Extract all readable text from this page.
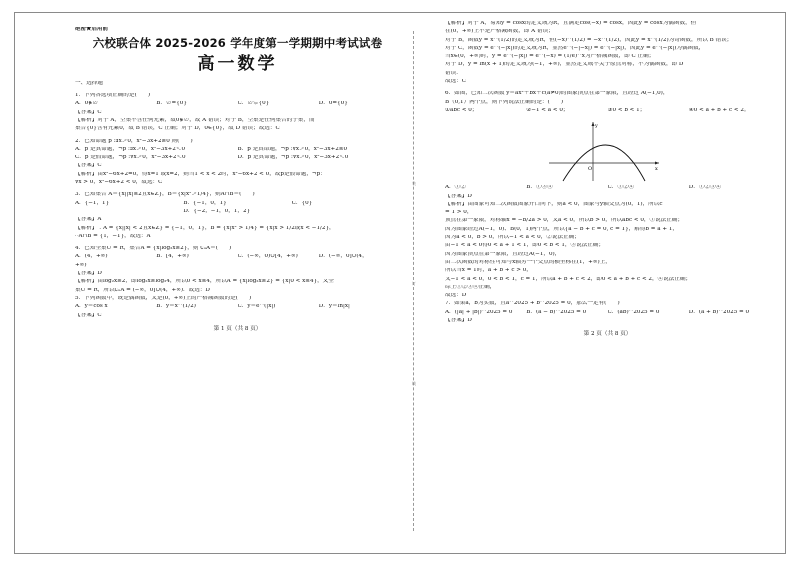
绝密★启用前
六校联合体 2025-2026 学年度第一学期期中考试试卷
高一数学
一、选择题
1．下列各选项正确的是(　　)
A．0∉∅	B．∅={0}	C．∅⊊{0}	D．0={0}
【答案】C
【解析】对于 A，空集不含任何元素，故0∉∅，故 A 错误；对于 B，空集是任何集合的子集，而
集合{0}含有元素0，故 B 错误，C 正确；对于 D，0∈{0}，故 D 错误；故选：C
2．已知命题 p :∃x＞0，x²−3x+2≥0 则(　　)
A．p 是真命题，¬p :∃x＞0，x²−3x+2＜0	B．p 是真命题，¬p :∀x＞0，x²−3x+2≤0
C．p 是假命题，¬p :∀x＞0，x²−3x+2＜0	D．p 是真命题，¬p :∀x＞0，x²−3x+2＜0
【答案】C
【解析】由x²−6x+2=0，得x=1 或x=2，则当1 < x < 2时，x²−6x+2 < 0，故p是假命题，¬p：
∀x > 0，x²−6x+2 < 0，故选：C
3．已知集合 A＝{x||x|≤2且x∈Z}，B＝{x|x²＞1/4}，则A∩B＝(　　)
A．{−1，1}	B．{−1，0，1}	C．{0}
D．{−2，−1，0，1，2}
【答案】A
【解析】∵A = {x||x| < 2且x∈Z} = {−1，0，1}，B = {x|x² > 1/4} = {x|x > 1/2或x < −1/2}，
∴A∩B = {1，−1}，故选：A
4．已知全集U = R，集合A = {x|log₂x≥2}，则 ∁ᵤA＝(　　)
A．(4，+∞)	B．[4，+∞)	C．(−∞，0)∪[4，+∞)	D．(−∞，0]∪(4，
+∞)
【答案】D
【解析】由log₂x≥2，即log₂x≥log₂4，所以0 < x≤4，所以A = {x|log₂x≥2} = {x|0 < x≤4}，又全
集U = R，所以∁ᵤA = (−∞，0]∪(4，+∞)．故选：D
5．下列函数中，既是偶函数，又是(0，+∞)上的严格减函数的是(　　)
A．y＝cos x	B．y＝x^(1/2)	C．y＝e^(|x|)	D．y＝ln|x|
【答案】C
第 1 页（共 8 页）
装
订
线
【解析】对于 A，易知y = cosx的定义域为R，且满足cos(−x) = cosx，因此y = cosx为偶函数，但
在(0，+∞)上不是严格减函数，即 A 错误；
对于 B，函数y = x^(1/2)的定义域为R，但(−x)^(1/2) = −x^(1/2)，因此y = x^(1/2)为奇函数，所以 B 错误；
对于 C，函数y = e^(−|x|)的定义域为R，显然e^(−|−x|) = e^(−|x|)，因此y = e^(−|x|)为偶函数，
当x∈(0，+∞)时，y = e^(−|x|) = e^(−x) = (1/e)^x为严格减函数，即 C 正确；
对于 D，y = ln(x + 1)的定义域为(−1，+∞)，显然定义域不关于原点对称，不为偶函数，即 D
错误．
故选：C
6．如图，已知二次函数 y＝ax²＋bx＋c(a≠0)的图象顶点在第一象限，且经过 A(−1,0)，
B（0,1）两个点，则下列说法正确的是：(　　)
①abc < 0；	②−1 < a < 0；	③0 < b < 1；	④0 < a + b + c < 2。
y
x
O
A．①②	B．①③④	C．①②④	D．①②③④
【答案】D
【解析】由图象可知二次函数图象开口向下，则a < 0，图象与y轴交点为(0，1)，所以c
= 1 > 0，
顶点在第一象限，对称轴x = −b/2a > 0，又a < 0，所以b > 0，所以abc < 0，①说法正确；
因为图象经过A(−1，0)、B(0，1)两个点，所以{a − b + c = 0, c = 1}，解得b = a + 1，
因为a < 0，b > 0，所以−1 < a < 0，②说法正确；
由−1 < a < 0得0 < a + 1 < 1，即0 < b < 1，③说法正确；
因为图象顶点在第一象限，且经过A(−1，0)，
由二次函数的对称性可知与x轴另一个交点的横坐标在(1，+∞)上，
所以当x = 1时，a + b + c > 0，
又−1 < a < 0，0 < b < 1，c = 1，所以a + b + c < 2，即0 < a + b + c < 2，④说法正确；
综上①②③④正确，
故选：D
7．如果a，b为实数，且a^2025 + b^2025 = 0，那么一定有(　　)
A．(|a| + |b|)^2025 = 0	B．(a − b)^2025 = 0	C．(ab)^2025 = 0	D．(a + b)^2025 = 0
【答案】D
第 2 页（共 8 页）
